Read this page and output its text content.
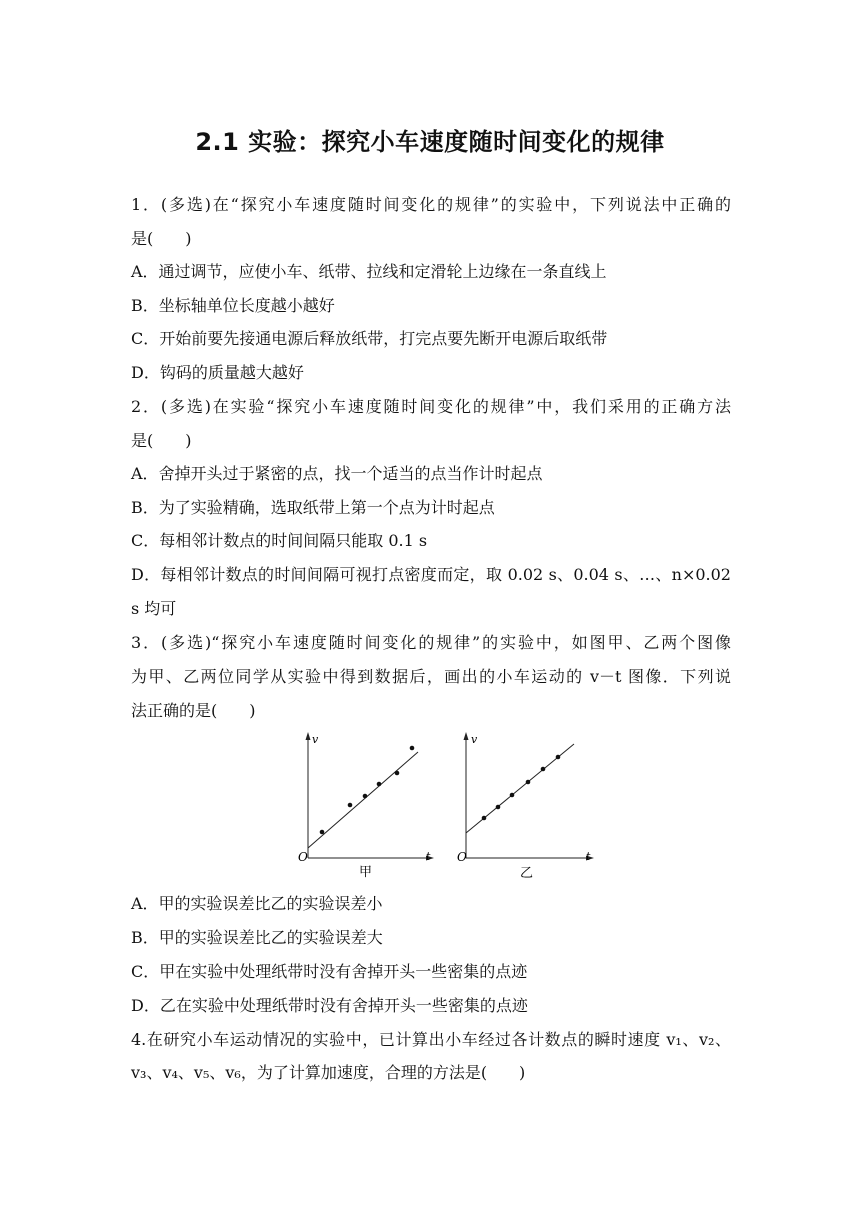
2.1 实验：探究小车速度随时间变化的规律
1．(多选)在“探究小车速度随时间变化的规律”的实验中，下列说法中正确的
是(　　)
A．通过调节，应使小车、纸带、拉线和定滑轮上边缘在一条直线上
B．坐标轴单位长度越小越好
C．开始前要先接通电源后释放纸带，打完点要先断开电源后取纸带
D．钩码的质量越大越好
2．(多选)在实验“探究小车速度随时间变化的规律”中，我们采用的正确方法
是(　　)
A．舍掉开头过于紧密的点，找一个适当的点当作计时起点
B．为了实验精确，选取纸带上第一个点为计时起点
C．每相邻计数点的时间间隔只能取 0.1 s
D．每相邻计数点的时间间隔可视打点密度而定，取 0.02 s、0.04 s、…、n×0.02
s 均可
3．(多选)“探究小车速度随时间变化的规律”的实验中，如图甲、乙两个图像
为甲、乙两位同学从实验中得到数据后，画出的小车运动的 v－t 图像．下列说
法正确的是(　　)
v
t
O
甲
v
t
O
乙
A．甲的实验误差比乙的实验误差小
B．甲的实验误差比乙的实验误差大
C．甲在实验中处理纸带时没有舍掉开头一些密集的点迹
D．乙在实验中处理纸带时没有舍掉开头一些密集的点迹
4.在研究小车运动情况的实验中，已计算出小车经过各计数点的瞬时速度 v₁、v₂、
v₃、v₄、v₅、v₆，为了计算加速度，合理的方法是(　　)
